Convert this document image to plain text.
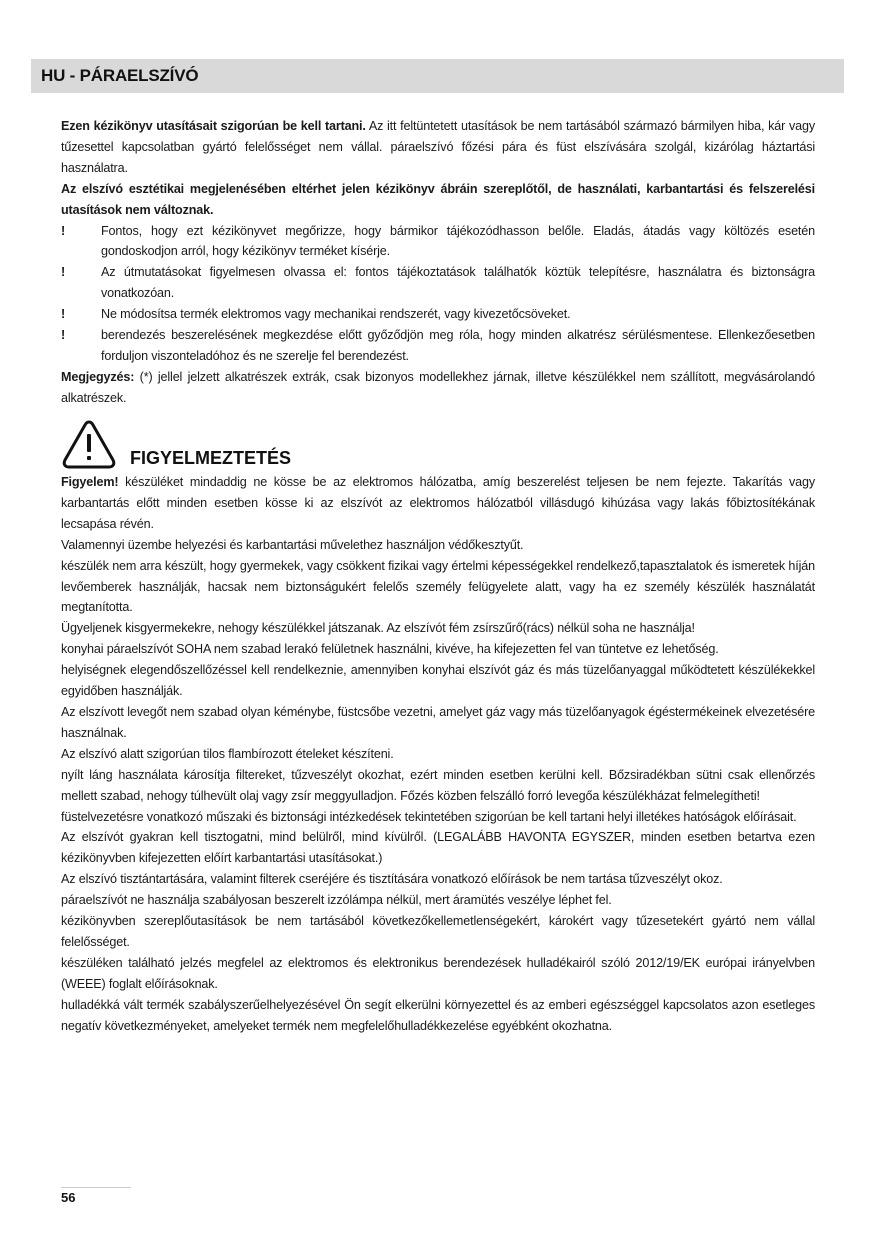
HU - PÁRAELSZÍVÓ

Ezen kézikönyv utasításait szigorúan be kell tartani. Az itt feltüntetett utasítások be nem tartásából származó bármilyen hiba, kár vagy tűzesettel kapcsolatban gyártó felelősséget nem vállal. páraelszívó főzési pára és füst elszívására szolgál, kizárólag háztartási használatra.

Az elszívó esztétikai megjelenésében eltérhet jelen kézikönyv ábráin szereplőtől, de használati, karbantartási és felszerelési utasítások nem változnak.

!	Fontos, hogy ezt kézikönyvet megőrizze, hogy bármikor tájékozódhasson belőle. Eladás, átadás vagy költözés esetén gondoskodjon arról, hogy kézikönyv terméket kísérje.

!	Az útmutatásokat figyelmesen olvassa el: fontos tájékoztatások találhatók köztük telepítésre, használatra és biztonságra vonatkozóan.

!	Ne módosítsa termék elektromos vagy mechanikai rendszerét, vagy kivezetőcsöveket.

!	berendezés beszerelésének megkezdése előtt győződjön meg róla, hogy minden alkatrész sérülésmentese. Ellenkezőesetben forduljon viszonteladóhoz és ne szerelje fel berendezést.

Megjegyzés: (*) jellel jelzett alkatrészek extrák, csak bizonyos modellekhez járnak, illetve készülékkel nem szállított, megvásárolandó alkatrészek.

FIGYELMEZTETÉS

Figyelem! készüléket mindaddig ne kösse be az elektromos hálózatba, amíg beszerelést teljesen be nem fejezte. Takarítás vagy karbantartás előtt minden esetben kösse ki az elszívót az elektromos hálózatból villásdugó kihúzása vagy lakás főbiztosítékának lecsapása révén.

Valamennyi üzembe helyezési és karbantartási művelethez használjon védőkesztyűt.

készülék nem arra készült, hogy gyermekek, vagy csökkent fizikai vagy értelmi képességekkel rendelkező,tapasztalatok és ismeretek híján levőemberek használják, hacsak nem biztonságukért felelős személy felügyelete alatt, vagy ha ez személy készülék használatát megtanította.

Ügyeljenek kisgyermekekre, nehogy készülékkel játszanak. Az elszívót fém zsírszűrő(rács) nélkül soha ne használja!

konyhai páraelszívót SOHA nem szabad lerakó felületnek használni, kivéve, ha kifejezetten fel van tüntetve ez lehetőség.

helyiségnek elegendőszellőzéssel kell rendelkeznie, amennyiben konyhai elszívót gáz és más tüzelőanyaggal működtetett készülékekkel egyidőben használják.

Az elszívott levegőt nem szabad olyan kéménybe, füstcsőbe vezetni, amelyet gáz vagy más tüzelőanyagok égéstermékeinek elvezetésére használnak.

Az elszívó alatt szigorúan tilos flambírozott ételeket készíteni.

nyílt láng használata károsítja filtereket, tűzveszélyt okozhat, ezért minden esetben kerülni kell. Bőzsiradékban sütni csak ellenőrzés mellett szabad, nehogy túlhevült olaj vagy zsír meggyulladjon. Főzés közben felszálló forró levegőa készülékházat felmelegítheti!

füstelvezetésre vonatkozó műszaki és biztonsági intézkedések tekintetében szigorúan be kell tartani helyi illetékes hatóságok előírásait.

Az elszívót gyakran kell tisztogatni, mind belülről, mind kívülről. (LEGALÁBB HAVONTA EGYSZER, minden esetben betartva ezen kézikönyvben kifejezetten előírt karbantartási utasításokat.)

Az elszívó tisztántartására, valamint filterek cseréjére és tisztítására vonatkozó előírások be nem tartása tűzveszélyt okoz.

páraelszívót ne használja szabályosan beszerelt izzólámpa nélkül, mert áramütés veszélye léphet fel.

kézikönyvben szereplőutasítások be nem tartásából következőkellemetlenségekért, károkért vagy tűzesetekért gyártó nem vállal felelősséget.

készüléken található jelzés megfelel az elektromos és elektronikus berendezések hulladékairól szóló 2012/19/EK európai irányelvben (WEEE) foglalt előírásoknak.

hulladékká vált termék szabályszerűelhelyezésével Ön segít elkerülni környezettel és az emberi egészséggel kapcsolatos azon esetleges negatív következményeket, amelyeket termék nem megfelelőhulladékkezelése egyébként okozhatna.

56
